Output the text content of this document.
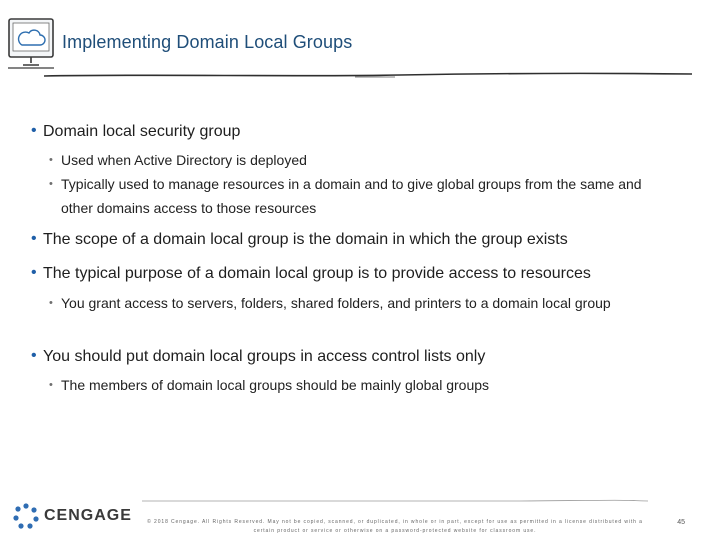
Implementing Domain Local Groups
• Domain local security group
• Used when Active Directory is deployed
• Typically used to manage resources in a domain and to give global groups from the same and other domains access to those resources
• The scope of a domain local group is the domain in which the group exists
• The typical purpose of a domain local group is to provide access to resources
• You grant access to servers, folders, shared folders, and printers to a domain local group
• You should put domain local groups in access control lists only
• The members of domain local groups should be mainly global groups
CENGAGE	© 2018 Cengage. All Rights Reserved. May not be copied, scanned, or duplicated, in whole or in part, except for use as permitted in a license distributed with a certain product or service or otherwise on a password-protected website for classroom use.
45
